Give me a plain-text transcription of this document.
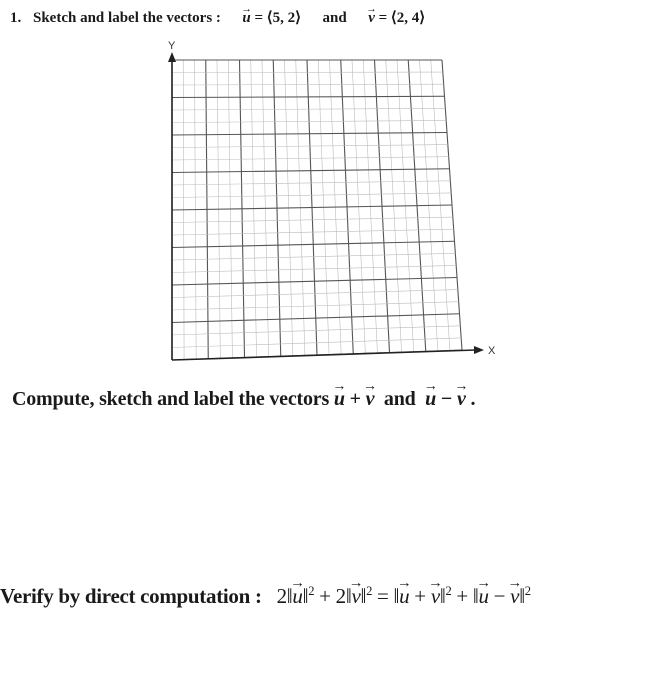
1. Sketch and label the vectors : → u = ⟨5, 2⟩ and → v = ⟨2, 4⟩
Y
X
Compute, sketch and label the vectors → u + → v and → u − → v .
Verify by direct computation : 2‖→ u‖$^2$ + 2‖→ v‖$^2$ = ‖→ u + → v‖$^2$ + ‖→ u − → v‖$^2$
